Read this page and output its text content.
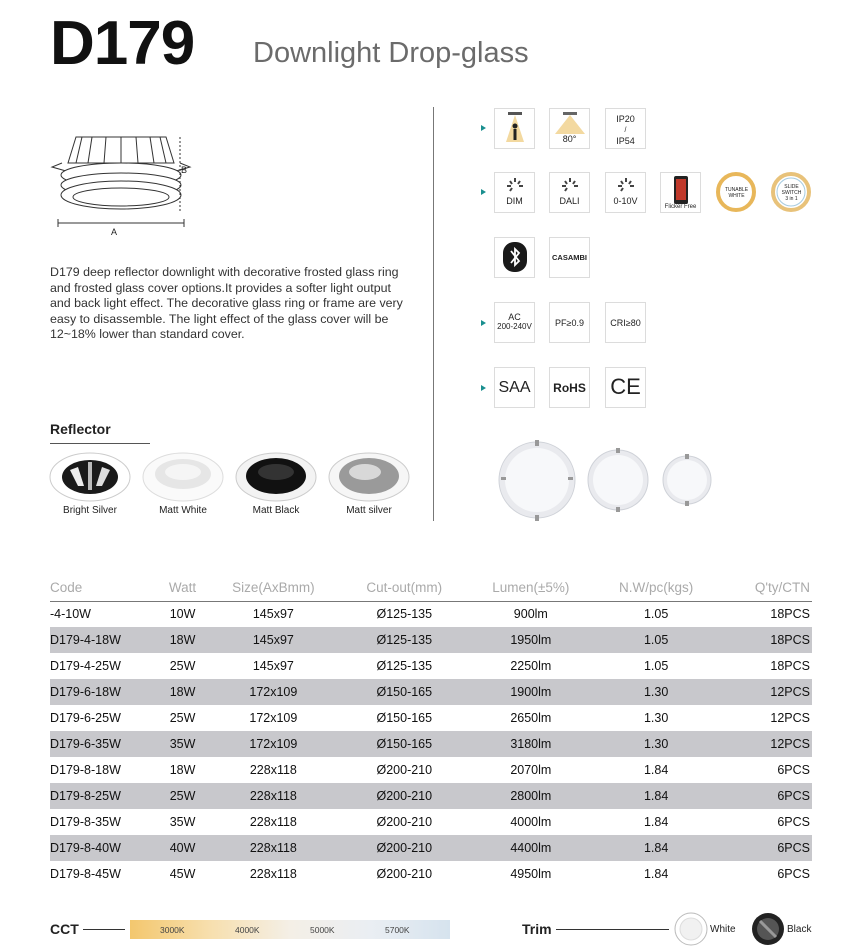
D179 Downlight Drop-glass
B
A
D179 deep reflector downlight with decorative frosted glass ring and frosted glass cover options.It provides a softer light output and back light effect. The decorative glass ring or frame are very easy to disassemble. The light effect of the glass cover will be 12~18% lower than standard cover.
Reflector
Bright Silver	Matt White	Matt Black	Matt silver
80°
IP20
/
IP54
DIM	DALI	0-10V
Flicker Free
TUNABLE
WHITE
SLIDE
SWITCH
3 in 1
CASAMBI
AC
200-240V	PF≥0.9	CRI≥80
SAA RoHS CE
Code	Watt	Size(AxBmm)	Cut-out(mm)	Lumen(±5%)	N.W/pc(kgs)	Q'ty/CTN
-4-10W	10W	145x97	Ø125-135	900lm	1.05	18PCS
D179-4-18W	18W	145x97	Ø125-135	1950lm	1.05	18PCS
D179-4-25W	25W	145x97	Ø125-135	2250lm	1.05	18PCS
D179-6-18W	18W	172x109	Ø150-165	1900lm	1.30	12PCS
D179-6-25W	25W	172x109	Ø150-165	2650lm	1.30	12PCS
D179-6-35W	35W	172x109	Ø150-165	3180lm	1.30	12PCS
D179-8-18W	18W	228x118	Ø200-210	2070lm	1.84	6PCS
D179-8-25W	25W	228x118	Ø200-210	2800lm	1.84	6PCS
D179-8-35W	35W	228x118	Ø200-210	4000lm	1.84	6PCS
D179-8-40W	40W	228x118	Ø200-210	4400lm	1.84	6PCS
D179-8-45W	45W	228x118	Ø200-210	4950lm	1.84	6PCS
CCT	3000K	4000K	5000K	5700K	Trim	White	Black
